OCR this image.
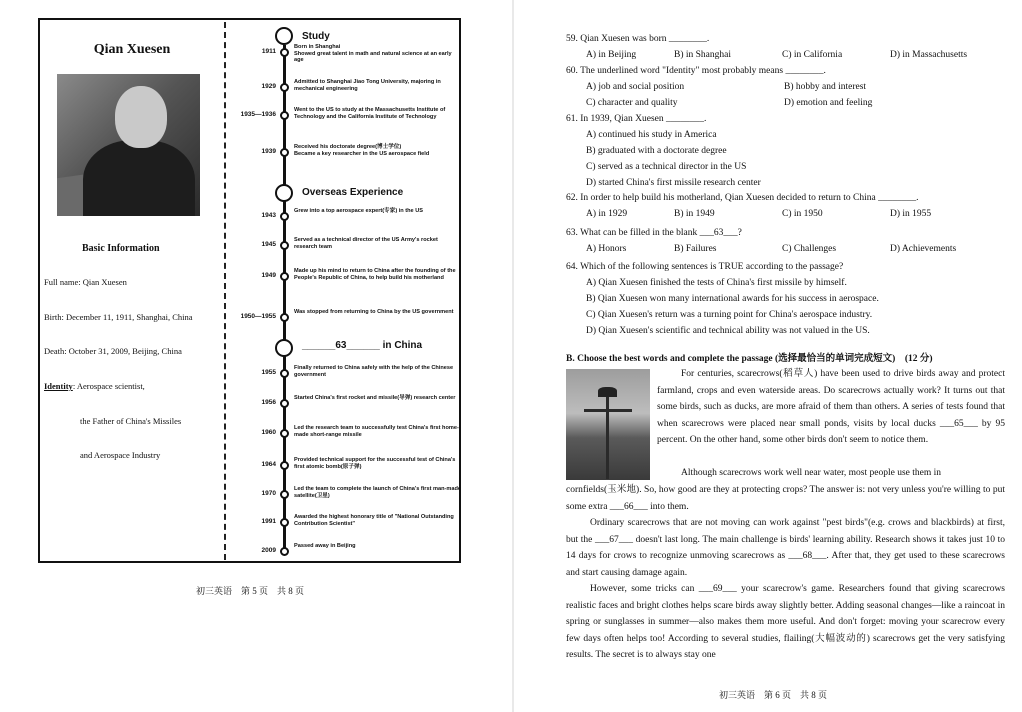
Qian Xuesen
Basic Information
Full name: Qian Xuesen
Birth: December 11, 1911, Shanghai, China
Death: October 31, 2009, Beijing, China
Identity: Aerospace scientist,
the Father of China's Missiles
and Aerospace Industry
Study
Overseas Experience
______63______ in China
1911
Born in Shanghai
Showed great talent in math and natural science at an early age
1929
Admitted to Shanghai Jiao Tong University, majoring in mechanical engineering
1935—1936
Went to the US to study at the Massachusetts Institute of Technology and the California Institute of Technology
1939
Received his doctorate degree(博士学位)
Became a key researcher in the US aerospace field
1943
Grew into a top aerospace expert(专家) in the US
1945
Served as a technical director of the US Army's rocket research team
1949
Made up his mind to return to China after the founding of the People's Republic of China, to help build his motherland
1950—1955
Was stopped from returning to China by the US government
1955
Finally returned to China safely with the help of the Chinese government
1956
Started China's first rocket and missile(导弹) research center
1960
Led the research team to successfully test China's first home-made short-range missile
1964
Provided technical support for the successful test of China's first atomic bomb(原子弹)
1970
Led the team to complete the launch of China's first man-made satellite(卫星)
1991
Awarded the highest honorary title of "National Outstanding Contribution Scientist"
2009
Passed away in Beijing
初三英语　第 5 页　共 8 页
59. Qian Xuesen was born ________.
A) in Beijing	B) in Shanghai	C) in California	D) in Massachusetts
60. The underlined word "Identity" most probably means ________.
A) job and social position	B) hobby and interest
C) character and quality	D) emotion and feeling
61. In 1939, Qian Xuesen ________.
A) continued his study in America
B) graduated with a doctorate degree
C) served as a technical director in the US
D) started China's first missile research center
62. In order to help build his motherland, Qian Xuesen decided to return to China ________.
A) in 1929	B) in 1949	C) in 1950	D) in 1955
63. What can be filled in the blank ___63___?
A) Honors	B) Failures	C) Challenges	D) Achievements
64. Which of the following sentences is TRUE according to the passage?
A) Qian Xuesen finished the tests of China's first missile by himself.
B) Qian Xuesen won many international awards for his success in aerospace.
C) Qian Xuesen's return was a turning point for China's aerospace industry.
D) Qian Xuesen's scientific and technical ability was not valued in the US.
B. Choose the best words and complete the passage (选择最恰当的单词完成短文)　(12 分)
For centuries, scarecrows(稻草人) have been used to drive birds away and protect farmland, crops and even waterside areas. Do scarecrows actually work? It turns out that some birds, such as ducks, are more afraid of them than others. A series of tests found that when scarecrows were placed near small ponds, visits by local ducks ___65___ by 95 percent. On the other hand, some other birds don't seem to notice them.
Although scarecrows work well near water, most people use them in
cornfields(玉米地). So, how good are they at protecting crops? The answer is: not very unless you're willing to put some extra ___66___ into them.
Ordinary scarecrows that are not moving can work against "pest birds"(e.g. crows and blackbirds) at first, but the ___67___ doesn't last long. The main challenge is birds' learning ability. Research shows it takes just 10 to 14 days for crows to recognize unmoving scarecrows as ___68___. After that, they get used to these scarecrows and start causing damage again.
However, some tricks can ___69___ your scarecrow's game. Researchers found that giving scarecrows realistic faces and bright clothes helps scare birds away slightly better. Adding seasonal changes—like a raincoat in spring or sunglasses in summer—also makes them more useful. And don't forget: moving your scarecrow every few days often helps too! According to several studies, flailing(大幅波动的) scarecrows get the very satisfying results. The secret is to always stay one
初三英语　第 6 页　共 8 页
